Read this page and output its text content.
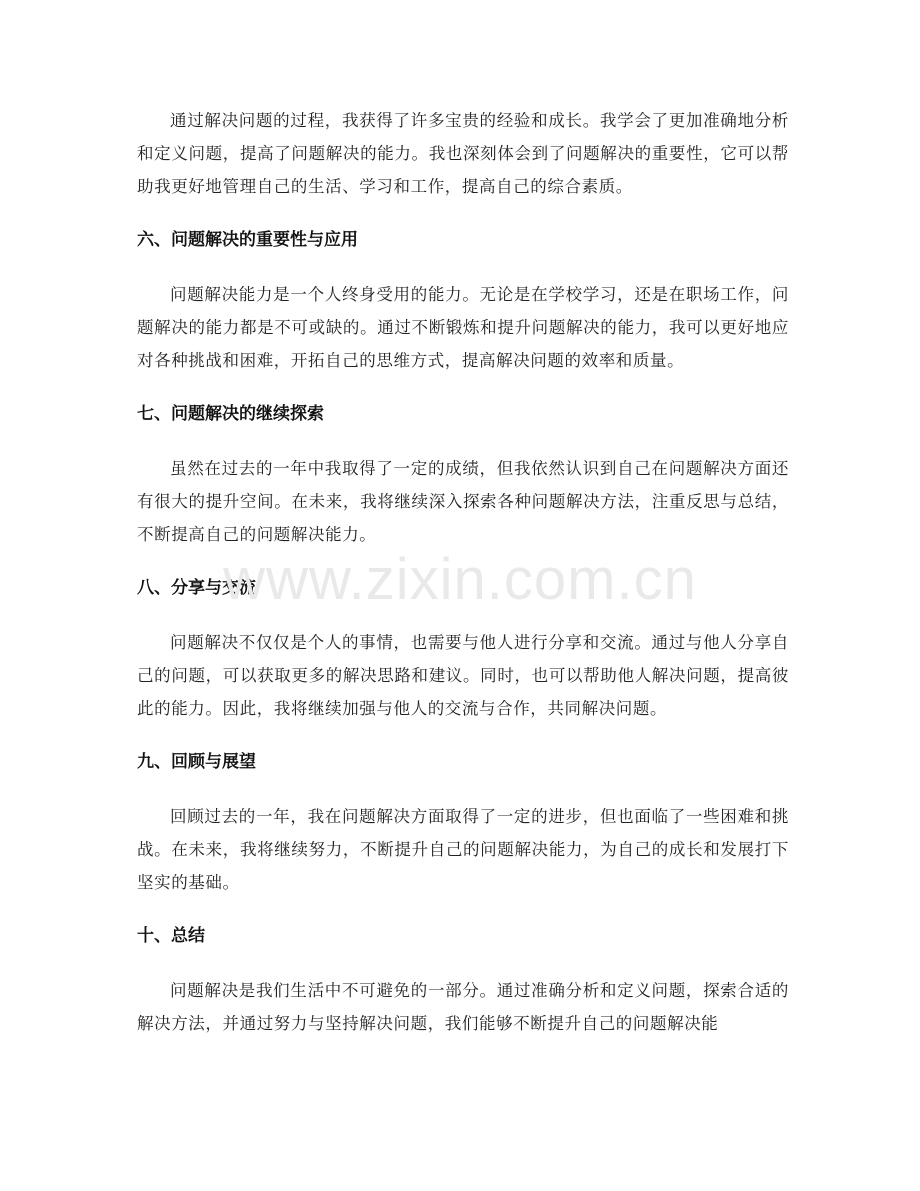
通过解决问题的过程，我获得了许多宝贵的经验和成长。我学会了更加准确地分析和定义问题，提高了问题解决的能力。我也深刻体会到了问题解决的重要性，它可以帮助我更好地管理自己的生活、学习和工作，提高自己的综合素质。

六、问题解决的重要性与应用

问题解决能力是一个人终身受用的能力。无论是在学校学习，还是在职场工作，问题解决的能力都是不可或缺的。通过不断锻炼和提升问题解决的能力，我可以更好地应对各种挑战和困难，开拓自己的思维方式，提高解决问题的效率和质量。

七、问题解决的继续探索

虽然在过去的一年中我取得了一定的成绩，但我依然认识到自己在问题解决方面还有很大的提升空间。在未来，我将继续深入探索各种问题解决方法，注重反思与总结，不断提高自己的问题解决能力。

八、分享与交流

问题解决不仅仅是个人的事情，也需要与他人进行分享和交流。通过与他人分享自己的问题，可以获取更多的解决思路和建议。同时，也可以帮助他人解决问题，提高彼此的能力。因此，我将继续加强与他人的交流与合作，共同解决问题。

九、回顾与展望

回顾过去的一年，我在问题解决方面取得了一定的进步，但也面临了一些困难和挑战。在未来，我将继续努力，不断提升自己的问题解决能力，为自己的成长和发展打下坚实的基础。

十、总结

问题解决是我们生活中不可避免的一部分。通过准确分析和定义问题，探索合适的解决方法，并通过努力与坚持解决问题，我们能够不断提升自己的问题解决能

www.zixin.com.cn
